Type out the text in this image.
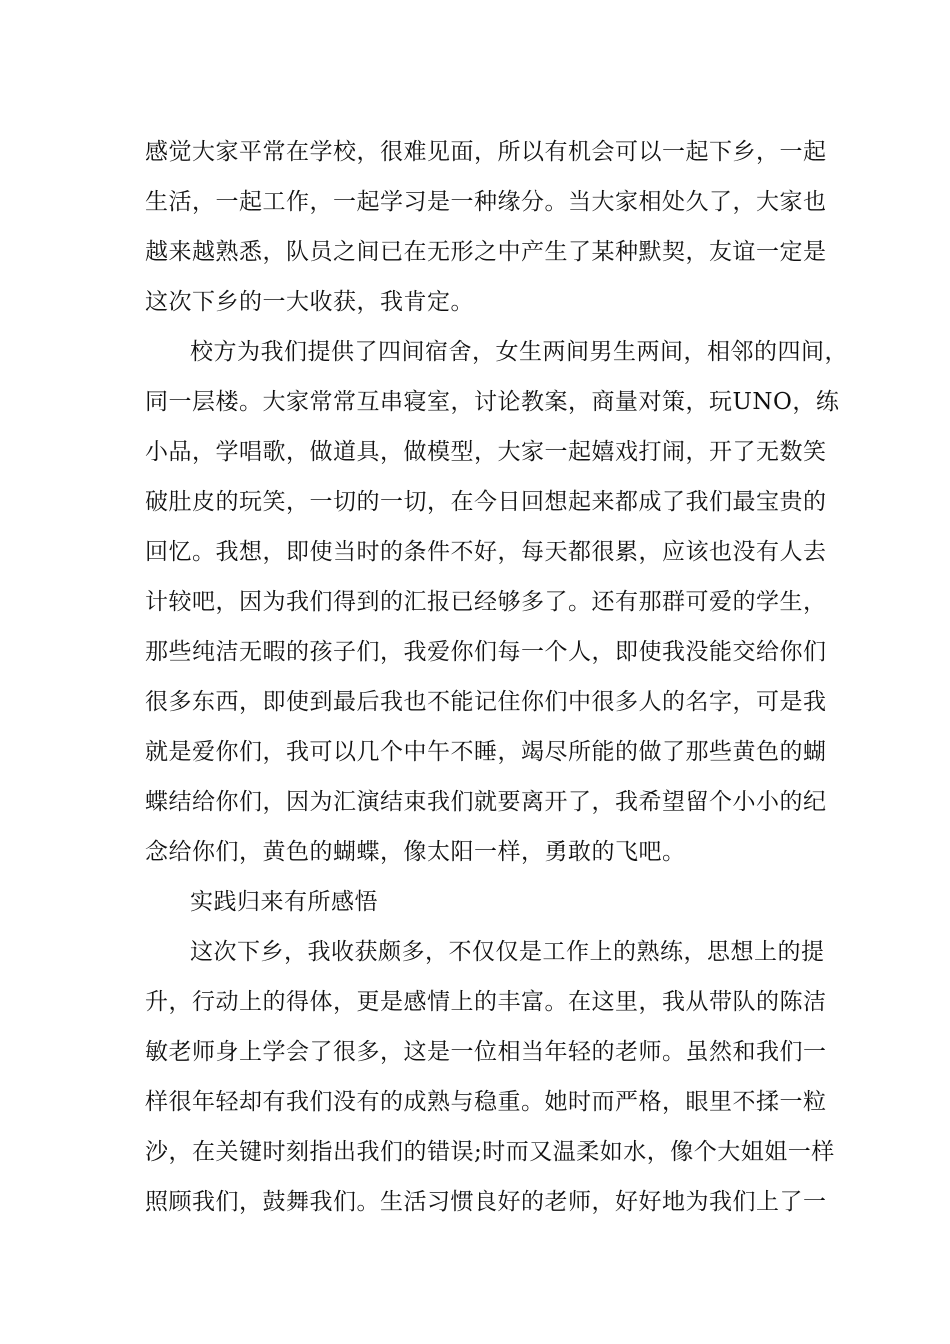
感觉大家平常在学校，很难见面，所以有机会可以一起下乡，一起
生活，一起工作，一起学习是一种缘分。当大家相处久了，大家也
越来越熟悉，队员之间已在无形之中产生了某种默契，友谊一定是
这次下乡的一大收获，我肯定。
校方为我们提供了四间宿舍，女生两间男生两间，相邻的四间，
同一层楼。大家常常互串寝室，讨论教案，商量对策，玩UNO，练
小品，学唱歌，做道具，做模型，大家一起嬉戏打闹，开了无数笑
破肚皮的玩笑，一切的一切，在今日回想起来都成了我们最宝贵的
回忆。我想，即使当时的条件不好，每天都很累，应该也没有人去
计较吧，因为我们得到的汇报已经够多了。还有那群可爱的学生，
那些纯洁无暇的孩子们，我爱你们每一个人，即使我没能交给你们
很多东西，即使到最后我也不能记住你们中很多人的名字，可是我
就是爱你们，我可以几个中午不睡，竭尽所能的做了那些黄色的蝴
蝶结给你们，因为汇演结束我们就要离开了，我希望留个小小的纪
念给你们，黄色的蝴蝶，像太阳一样，勇敢的飞吧。
实践归来有所感悟
这次下乡，我收获颇多，不仅仅是工作上的熟练，思想上的提
升，行动上的得体，更是感情上的丰富。在这里，我从带队的陈洁
敏老师身上学会了很多，这是一位相当年轻的老师。虽然和我们一
样很年轻却有我们没有的成熟与稳重。她时而严格，眼里不揉一粒
沙，在关键时刻指出我们的错误;时而又温柔如水，像个大姐姐一样
照顾我们，鼓舞我们。生活习惯良好的老师，好好地为我们上了一
